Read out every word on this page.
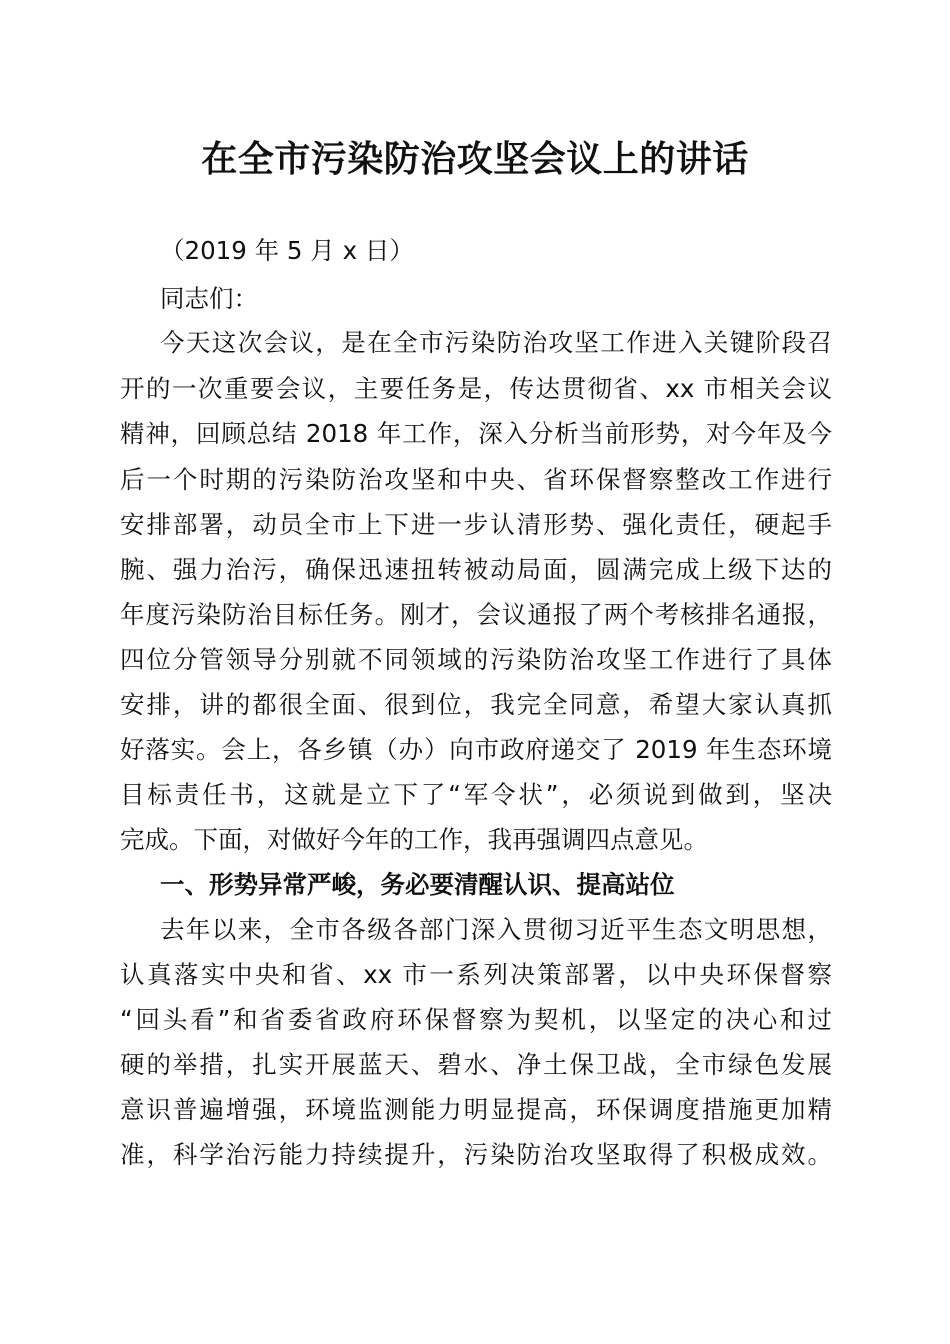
在全市污染防治攻坚会议上的讲话
（2019 年 5 月 x 日）
同志们：
今天这次会议，是在全市污染防治攻坚工作进入关键阶段召
开的一次重要会议，主要任务是，传达贯彻省、xx 市相关会议
精神，回顾总结 2018 年工作，深入分析当前形势，对今年及今
后一个时期的污染防治攻坚和中央、省环保督察整改工作进行
安排部署，动员全市上下进一步认清形势、强化责任，硬起手
腕、强力治污，确保迅速扭转被动局面，圆满完成上级下达的
年度污染防治目标任务。刚才，会议通报了两个考核排名通报，
四位分管领导分别就不同领域的污染防治攻坚工作进行了具体
安排，讲的都很全面、很到位，我完全同意，希望大家认真抓
好落实。会上，各乡镇（办）向市政府递交了 2019 年生态环境
目标责任书，这就是立下了“军令状”，必须说到做到，坚决
完成。下面，对做好今年的工作，我再强调四点意见。
一、形势异常严峻，务必要清醒认识、提高站位
去年以来，全市各级各部门深入贯彻习近平生态文明思想，
认真落实中央和省、xx 市一系列决策部署，以中央环保督察
“回头看”和省委省政府环保督察为契机，以坚定的决心和过
硬的举措，扎实开展蓝天、碧水、净土保卫战，全市绿色发展
意识普遍增强，环境监测能力明显提高，环保调度措施更加精
准，科学治污能力持续提升，污染防治攻坚取得了积极成效。
